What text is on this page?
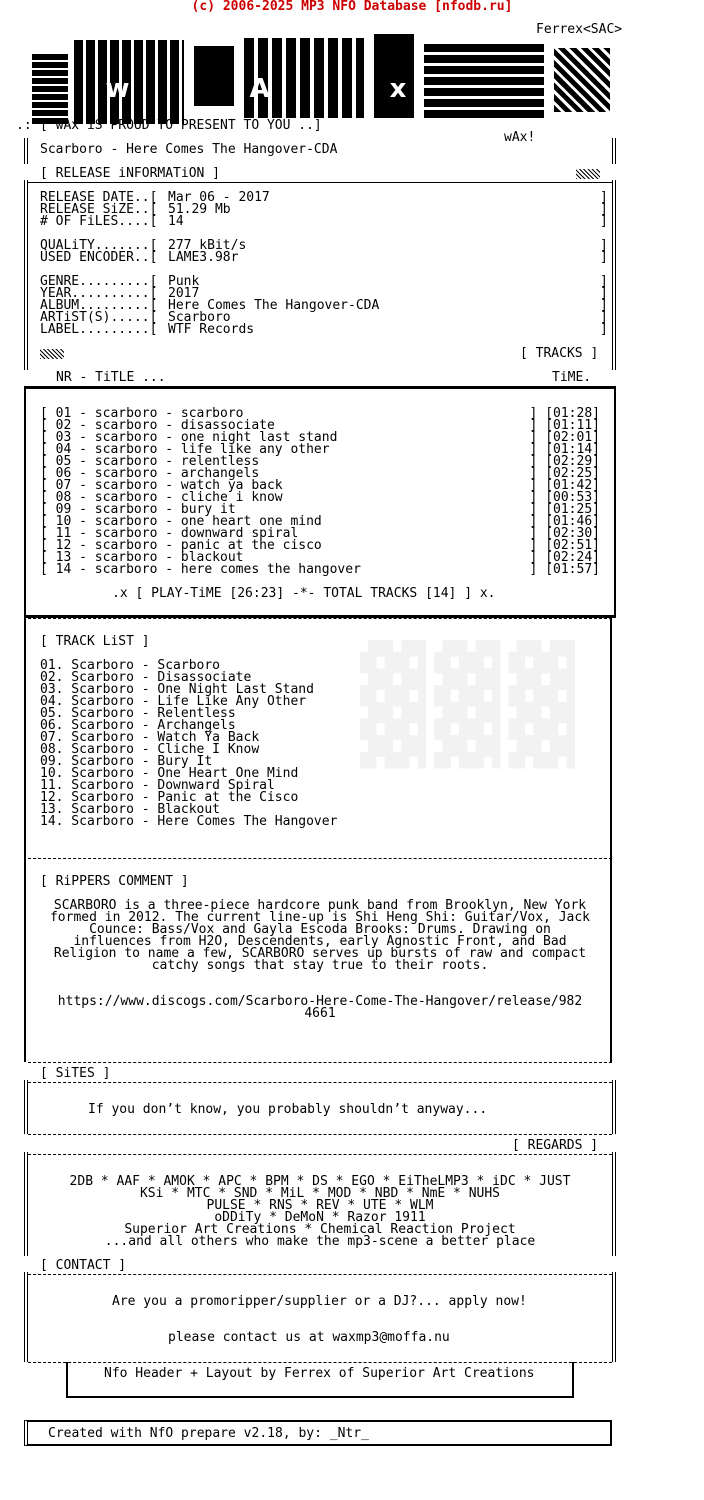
(c) 2006-2025 MP3 NFO Database [nfodb.ru]
Ferrex<SAC>
wAx
.: [ wAx iS PROUD TO PRESENT TO YOU ..]
wAx!
Scarboro - Here Comes The Hangover-CDA
[ RELEASE iNFORMATiON ]
RELEASE DATE..[ Mar 06 - 2017	]
RELEASE SiZE..[ 51.29 Mb	]
# OF FiLES....[ 14	]
QUALiTY.......[ 277 kBit/s	]
USED ENCODER..[ LAME3.98r	]
GENRE.........[ Punk	]
YEAR..........[ 2017	]
ALBUM.........[ Here Comes The Hangover-CDA	]
ARTiST(S).....[ Scarboro	]
LABEL.........[ WTF Records	]
[ TRACKS ]
NR - TiTLE ...	TiME.
[ 01 - scarboro - scarboro	] [01:28]
[ 02 - scarboro - disassociate	] [01:11]
[ 03 - scarboro - one night last stand	] [02:01]
[ 04 - scarboro - life like any other	] [01:14]
[ 05 - scarboro - relentless	] [02:29]
[ 06 - scarboro - archangels	] [02:25]
[ 07 - scarboro - watch ya back	] [01:42]
[ 08 - scarboro - cliche i know	] [00:53]
[ 09 - scarboro - bury it	] [01:25]
[ 10 - scarboro - one heart one mind	] [01:46]
[ 11 - scarboro - downward spiral	] [02:30]
[ 12 - scarboro - panic at the cisco	] [02:51]
[ 13 - scarboro - blackout	] [02:24]
[ 14 - scarboro - here comes the hangover	] [01:57]
.x [ PLAY-TiME [26:23] -*- TOTAL TRACKS [14] ] x.
▓▓▓
[ TRACK LiST ]
01. Scarboro - Scarboro
02. Scarboro - Disassociate
03. Scarboro - One Night Last Stand
04. Scarboro - Life Like Any Other
05. Scarboro - Relentless
06. Scarboro - Archangels
07. Scarboro - Watch Ya Back
08. Scarboro - Cliche I Know
09. Scarboro - Bury It
10. Scarboro - One Heart One Mind
11. Scarboro - Downward Spiral
12. Scarboro - Panic at the Cisco
13. Scarboro - Blackout
14. Scarboro - Here Comes The Hangover
[ RiPPERS COMMENT ]
SCARBORO is a three-piece hardcore punk band from Brooklyn, New York
formed in 2012. The current line-up is Shi Heng Shi: Guitar/Vox, Jack
Counce: Bass/Vox and Gayla Escoda Brooks: Drums. Drawing on
influences from H2O, Descendents, early Agnostic Front, and Bad
Religion to name a few, SCARBORO serves up bursts of raw and compact
catchy songs that stay true to their roots.
https://www.discogs.com/Scarboro-Here-Come-The-Hangover/release/982
4661
[ SiTES ]
If you don’t know, you probably shouldn’t anyway...
[ REGARDS ]
2DB * AAF * AMOK * APC * BPM * DS * EGO * EiTheLMP3 * iDC * JUST
KSi * MTC * SND * MiL * MOD * NBD * NmE * NUHS
PULSE * RNS * REV * UTE * WLM
oDDiTy * DeMoN * Razor 1911
Superior Art Creations * Chemical Reaction Project
...and all others who make the mp3-scene a better place
[ CONTACT ]
Are you a promoripper/supplier or a DJ?... apply now!
please contact us at waxmp3@moffa.nu
Nfo Header + Layout by Ferrex of Superior Art Creations
Created with NfO prepare v2.18, by: _Ntr_
